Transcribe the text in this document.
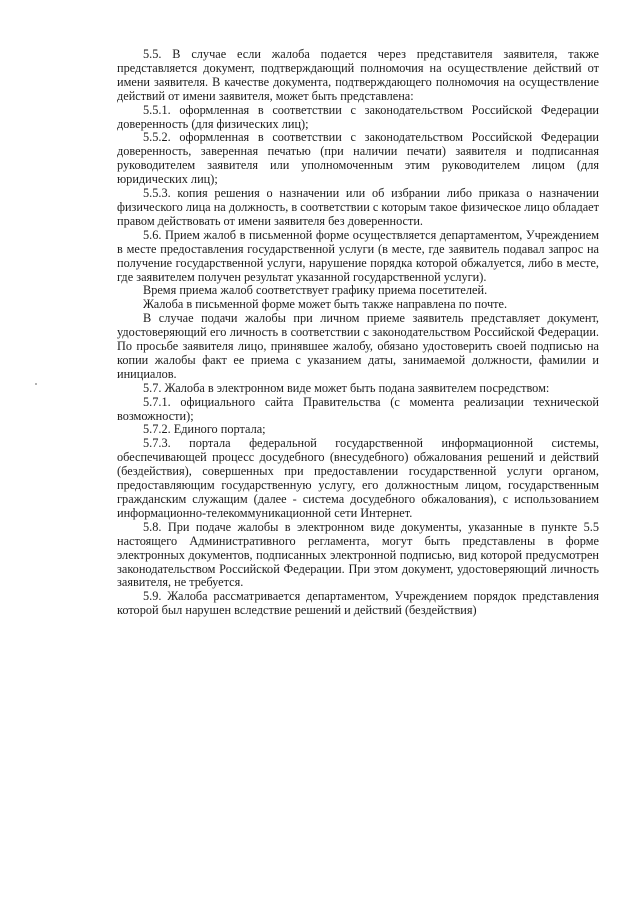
5.5. В случае если жалоба подается через представителя заявителя, также представляется документ, подтверждающий полномочия на осуществление действий от имени заявителя. В качестве документа, подтверждающего полномочия на осуществление действий от имени заявителя, может быть представлена:

5.5.1. оформленная в соответствии с законодательством Российской Федерации доверенность (для физических лиц);

5.5.2. оформленная в соответствии с законодательством Российской Федерации доверенность, заверенная печатью (при наличии печати) заявителя и подписанная руководителем заявителя или уполномоченным этим руководителем лицом (для юридических лиц);

5.5.3. копия решения о назначении или об избрании либо приказа о назначении физического лица на должность, в соответствии с которым такое физическое лицо обладает правом действовать от имени заявителя без доверенности.

5.6. Прием жалоб в письменной форме осуществляется департаментом, Учреждением в месте предоставления государственной услуги (в месте, где заявитель подавал запрос на получение государственной услуги, нарушение порядка которой обжалуется, либо в месте, где заявителем получен результат указанной государственной услуги).

Время приема жалоб соответствует графику приема посетителей.

Жалоба в письменной форме может быть также направлена по почте.

В случае подачи жалобы при личном приеме заявитель представляет документ, удостоверяющий его личность в соответствии с законодательством Российской Федерации. По просьбе заявителя лицо, принявшее жалобу, обязано удостоверить своей подписью на копии жалобы факт ее приема с указанием даты, занимаемой должности, фамилии и инициалов.

5.7. Жалоба в электронном виде может быть подана заявителем посредством:

5.7.1. официального сайта Правительства (с момента реализации технической возможности);

5.7.2. Единого портала;

5.7.3. портала федеральной государственной информационной системы, обеспечивающей процесс досудебного (внесудебного) обжалования решений и действий (бездействия), совершенных при предоставлении государственной услуги органом, предоставляющим государственную услугу, его должностным лицом, государственным гражданским служащим (далее - система досудебного обжалования), с использованием информационно-телекоммуникационной сети Интернет.

5.8. При подаче жалобы в электронном виде документы, указанные в пункте 5.5 настоящего Административного регламента, могут быть представлены в форме электронных документов, подписанных электронной подписью, вид которой предусмотрен законодательством Российской Федерации. При этом документ, удостоверяющий личность заявителя, не требуется.

5.9. Жалоба рассматривается департаментом, Учреждением порядок представления которой был нарушен вследствие решений и действий (бездействия)
